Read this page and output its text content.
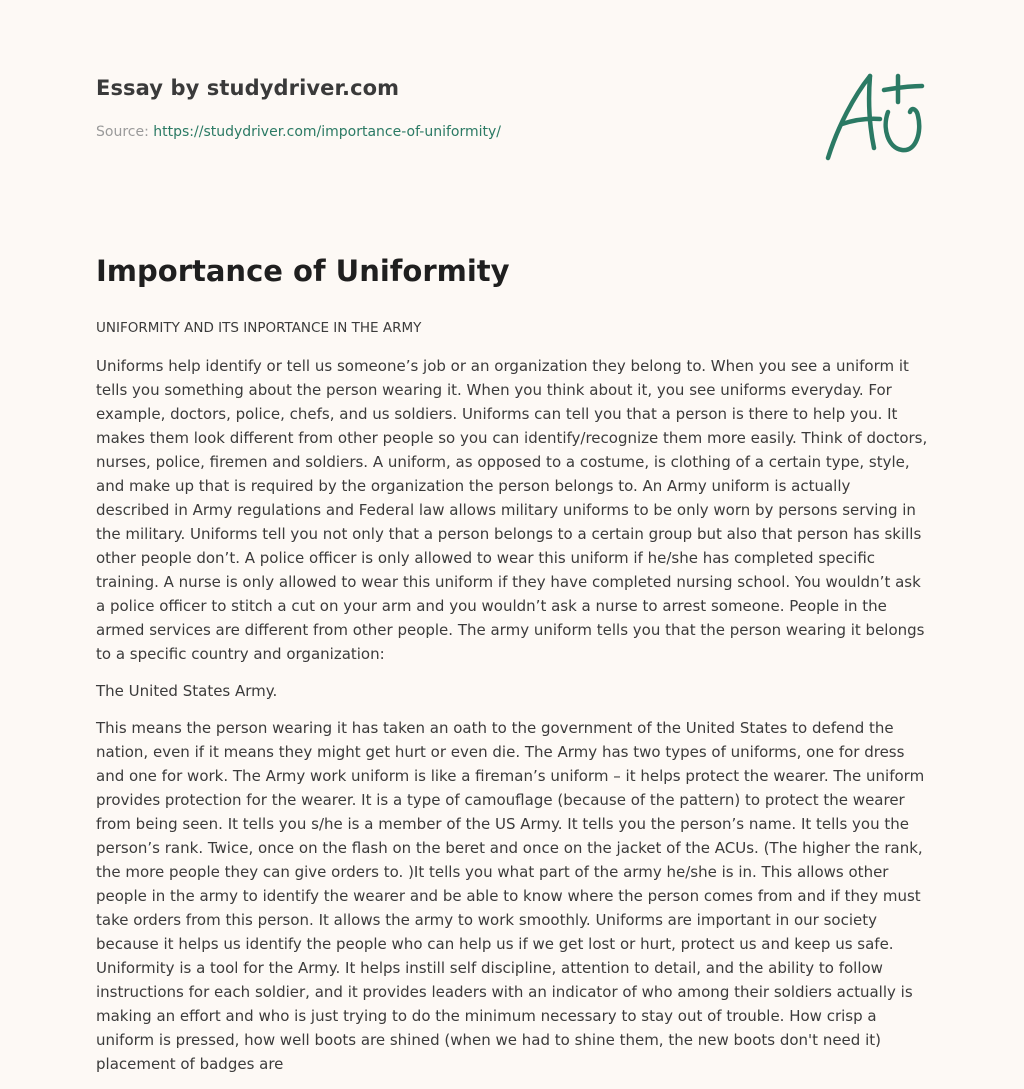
Essay by studydriver.com
Source: https://studydriver.com/importance-of-uniformity/
Importance of Uniformity

UNIFORMITY AND ITS INPORTANCE IN THE ARMY

Uniforms help identify or tell us someone’s job or an organization they belong to. When you see a uniform it tells you something about the person wearing it. When you think about it, you see uniforms everyday. For example, doctors, police, chefs, and us soldiers. Uniforms can tell you that a person is there to help you. It makes them look different from other people so you can identify/recognize them more easily. Think of doctors, nurses, police, firemen and soldiers. A uniform, as opposed to a costume, is clothing of a certain type, style, and make up that is required by the organization the person belongs to. An Army uniform is actually described in Army regulations and Federal law allows military uniforms to be only worn by persons serving in the military. Uniforms tell you not only that a person belongs to a certain group but also that person has skills other people don’t. A police officer is only allowed to wear this uniform if he/she has completed specific training. A nurse is only allowed to wear this uniform if they have completed nursing school. You wouldn’t ask a police officer to stitch a cut on your arm and you wouldn’t ask a nurse to arrest someone. People in the armed services are different from other people. The army uniform tells you that the person wearing it belongs to a specific country and organization:

The United States Army.

This means the person wearing it has taken an oath to the government of the United States to defend the nation, even if it means they might get hurt or even die. The Army has two types of uniforms, one for dress and one for work. The Army work uniform is like a fireman’s uniform – it helps protect the wearer. The uniform provides protection for the wearer. It is a type of camouflage (because of the pattern) to protect the wearer from being seen. It tells you s/he is a member of the US Army. It tells you the person’s name. It tells you the person’s rank. Twice, once on the flash on the beret and once on the jacket of the ACUs. (The higher the rank, the more people they can give orders to. )It tells you what part of the army he/she is in. This allows other people in the army to identify the wearer and be able to know where the person comes from and if they must take orders from this person. It allows the army to work smoothly. Uniforms are important in our society because it helps us identify the people who can help us if we get lost or hurt, protect us and keep us safe. Uniformity is a tool for the Army. It helps instill self discipline, attention to detail, and the ability to follow instructions for each soldier, and it provides leaders with an indicator of who among their soldiers actually is making an effort and who is just trying to do the minimum necessary to stay out of trouble. How crisp a uniform is pressed, how well boots are shined (when we had to shine them, the new boots don't need it) placement of badges are
